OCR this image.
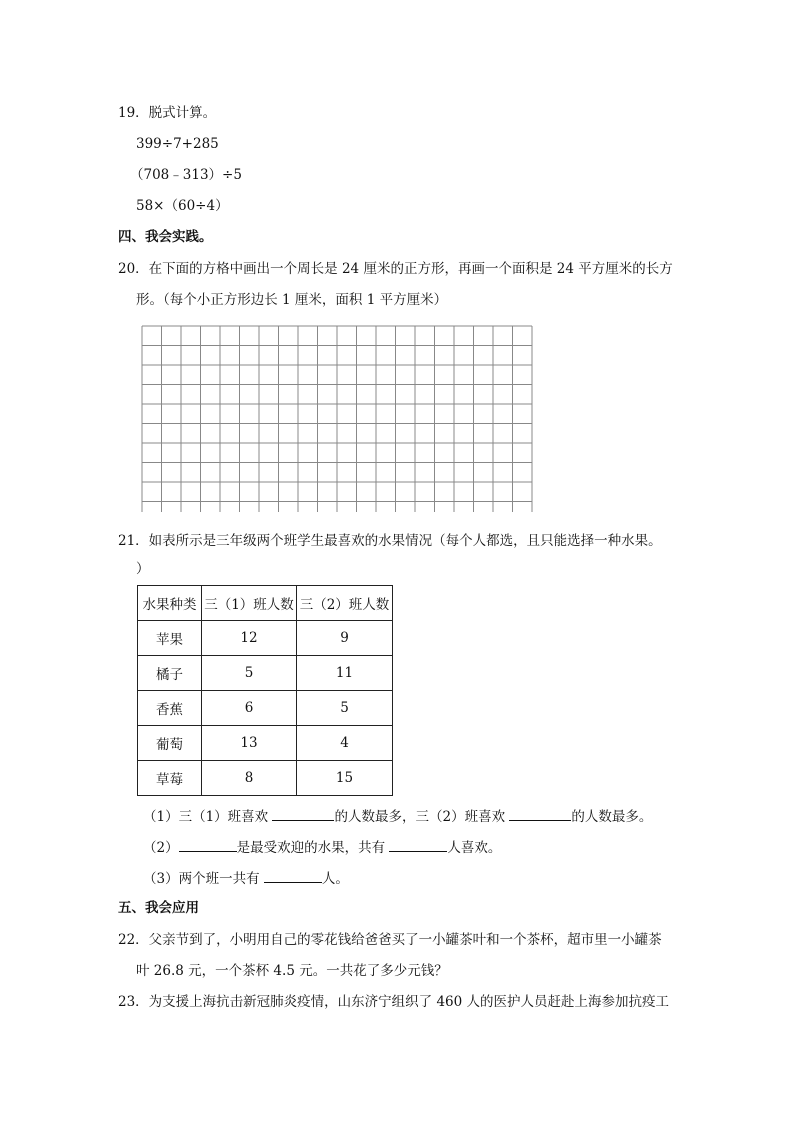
19．脱式计算。
399÷7+285
（708﹣313）÷5
58×（60÷4）
四、我会实践。
20．在下面的方格中画出一个周长是 24 厘米的正方形，再画一个面积是 24 平方厘米的长方
形。（每个小正方形边长 1 厘米，面积 1 平方厘米）
21．如表所示是三年级两个班学生最喜欢的水果情况（每个人都选，且只能选择一种水果。
）
水果种类	三（1）班人数	三（2）班人数
苹果	12	9
橘子	5	11
香蕉	6	5
葡萄	13	4
草莓	8	15
（1）三（1）班喜欢	的人数最多，三（2）班喜欢	的人数最多。
（2）	是最受欢迎的水果，共有	人喜欢。
（3）两个班一共有	人。
五、我会应用
22．父亲节到了，小明用自己的零花钱给爸爸买了一小罐茶叶和一个茶杯，超市里一小罐茶
叶 26.8 元，一个茶杯 4.5 元。一共花了多少元钱？
23．为支援上海抗击新冠肺炎疫情，山东济宁组织了 460 人的医护人员赶赴上海参加抗疫工
